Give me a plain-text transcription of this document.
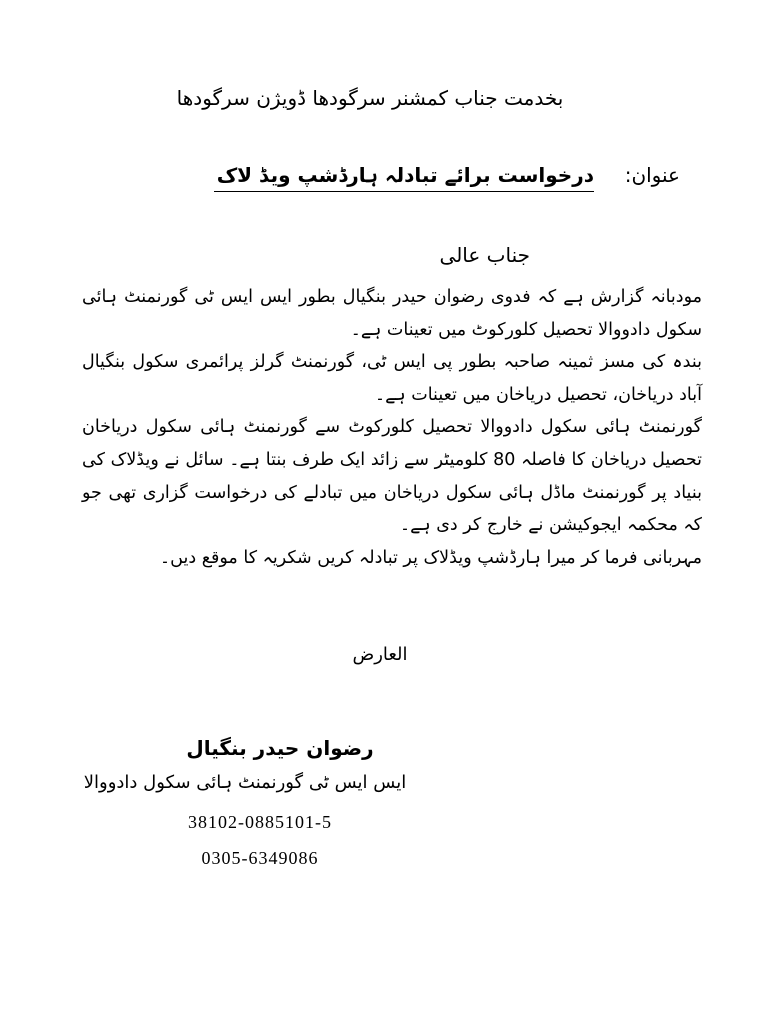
بخدمت جناب کمشنر سرگودھا ڈویژن سرگودھا
عنوان:
درخواست برائے تبادلہ ہارڈشپ ویڈ لاک
جناب عالی

مودبانہ گزارش ہے کہ فدوی رضوان حیدر بنگیال بطور ایس ایس ٹی گورنمنٹ ہائی سکول دادووالا تحصیل کلورکوٹ میں تعینات ہے۔

بندہ کی مسز ثمینہ صاحبہ بطور پی ایس ٹی، گورنمنٹ گرلز پرائمری سکول بنگیال آباد دریاخان، تحصیل دریاخان میں تعینات ہے۔

گورنمنٹ ہائی سکول دادووالا تحصیل کلورکوٹ سے گورنمنٹ ہائی سکول دریاخان تحصیل دریاخان کا فاصلہ 80 کلومیٹر سے زائد ایک طرف بنتا ہے۔ سائل نے ویڈلاک کی بنیاد پر گورنمنٹ ماڈل ہائی سکول دریاخان میں تبادلے کی درخواست گزاری تھی جو کہ محکمہ ایجوکیشن نے خارج کر دی ہے۔

مہربانی فرما کر میرا ہارڈشپ ویڈلاک پر تبادلہ کریں شکریہ کا موقع دیں۔

العارض
رضوان حیدر بنگیال
ایس ایس ٹی گورنمنٹ ہائی سکول دادووالا
38102-0885101-5
0305-6349086
